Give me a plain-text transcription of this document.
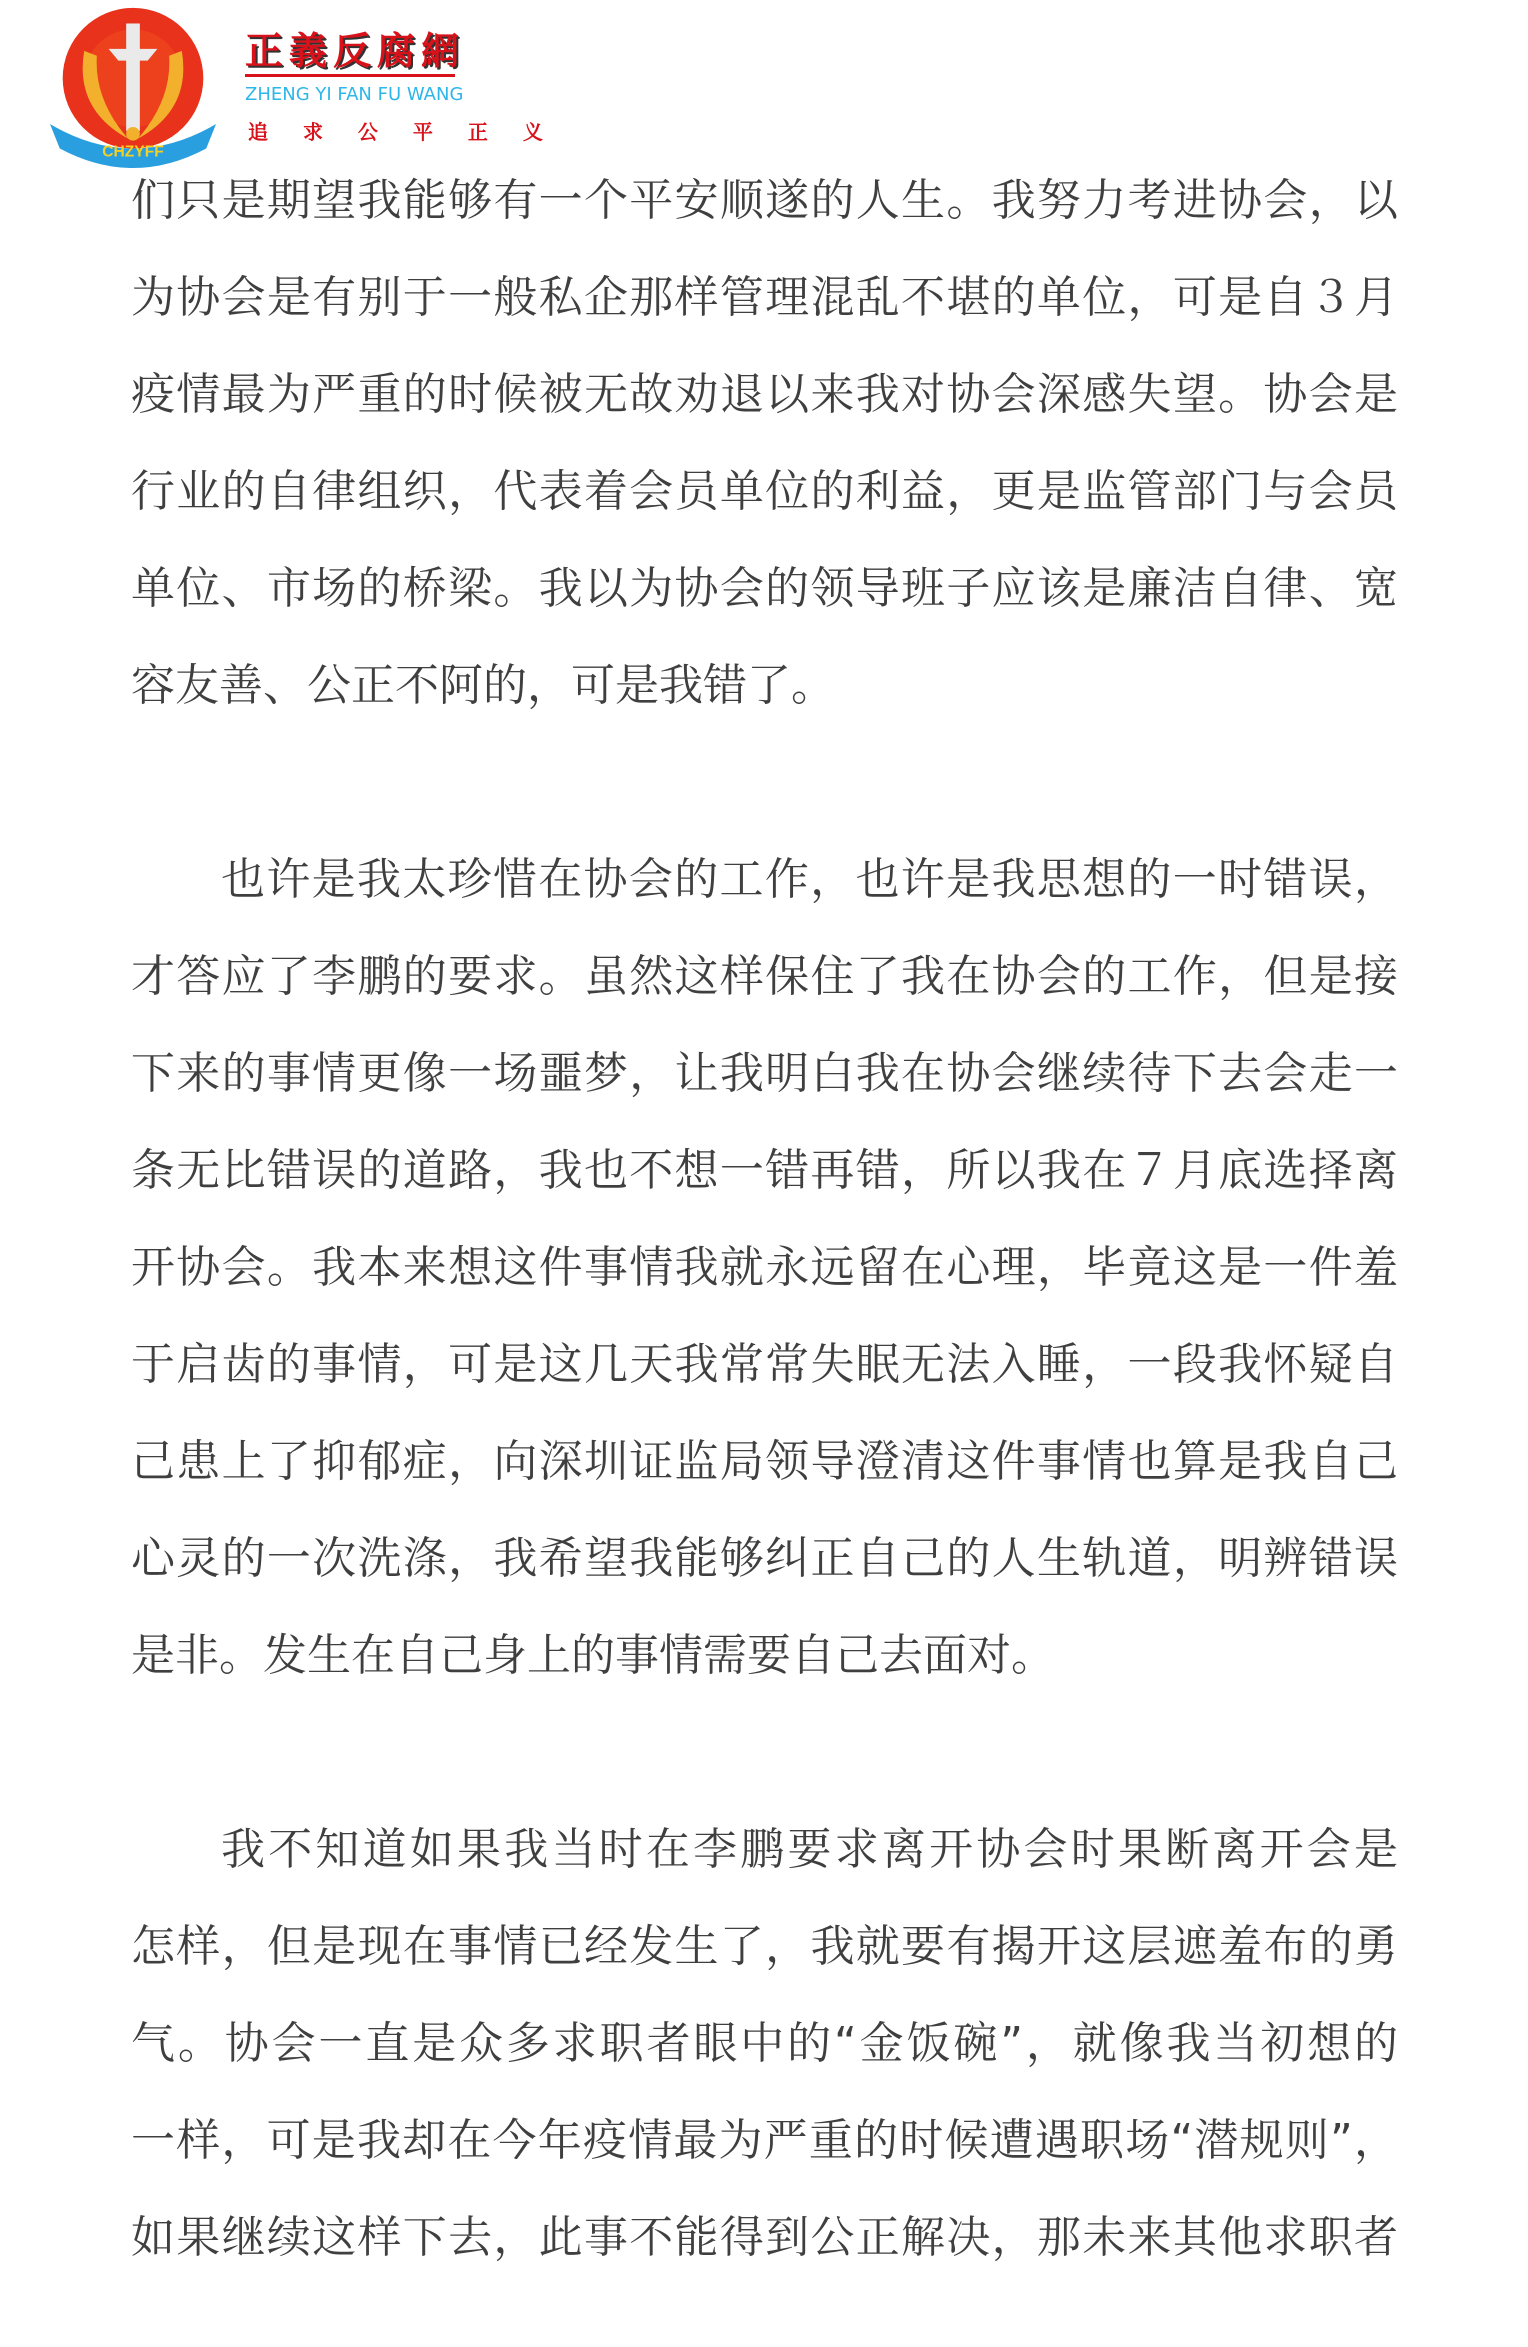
CHZYFF
正義反腐網
ZHENG YI FAN FU WANG
追 求 公 平 正 义
们只是期望我能够有一个平安顺遂的人生。我努力考进协会，以
为协会是有别于一般私企那样管理混乱不堪的单位，可是自３月
疫情最为严重的时候被无故劝退以来我对协会深感失望。协会是
行业的自律组织，代表着会员单位的利益，更是监管部门与会员
单位、市场的桥梁。我以为协会的领导班子应该是廉洁自律、宽
容友善、公正不阿的，可是我错了。
也许是我太珍惜在协会的工作，也许是我思想的一时错误，
才答应了李鹏的要求。虽然这样保住了我在协会的工作，但是接
下来的事情更像一场噩梦，让我明白我在协会继续待下去会走一
条无比错误的道路，我也不想一错再错，所以我在７月底选择离
开协会。我本来想这件事情我就永远留在心理，毕竟这是一件羞
于启齿的事情，可是这几天我常常失眠无法入睡，一段我怀疑自
己患上了抑郁症，向深圳证监局领导澄清这件事情也算是我自己
心灵的一次洗涤，我希望我能够纠正自己的人生轨道，明辨错误
是非。发生在自己身上的事情需要自己去面对。
我不知道如果我当时在李鹏要求离开协会时果断离开会是
怎样，但是现在事情已经发生了，我就要有揭开这层遮羞布的勇
气。协会一直是众多求职者眼中的“金饭碗”，就像我当初想的
一样，可是我却在今年疫情最为严重的时候遭遇职场“潜规则”，
如果继续这样下去，此事不能得到公正解决，那未来其他求职者
